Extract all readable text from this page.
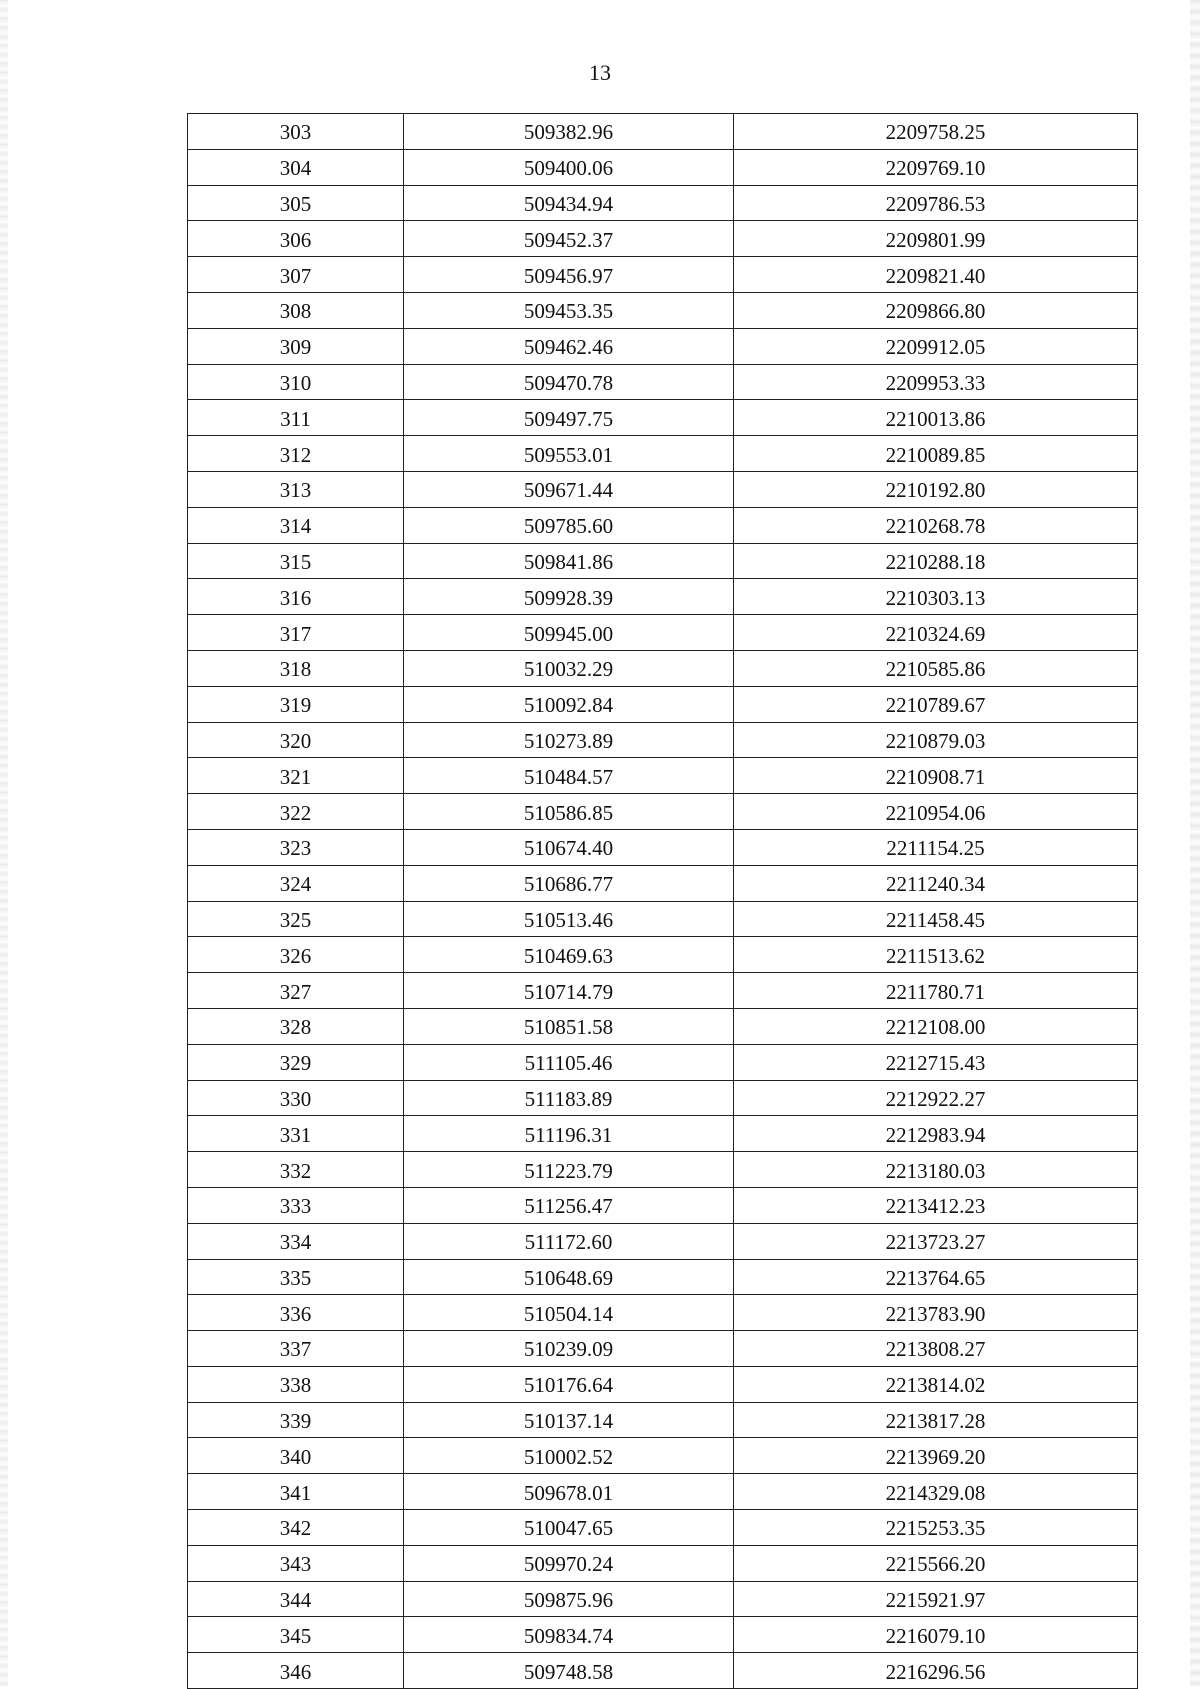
13
303	509382.96	2209758.25
304	509400.06	2209769.10
305	509434.94	2209786.53
306	509452.37	2209801.99
307	509456.97	2209821.40
308	509453.35	2209866.80
309	509462.46	2209912.05
310	509470.78	2209953.33
311	509497.75	2210013.86
312	509553.01	2210089.85
313	509671.44	2210192.80
314	509785.60	2210268.78
315	509841.86	2210288.18
316	509928.39	2210303.13
317	509945.00	2210324.69
318	510032.29	2210585.86
319	510092.84	2210789.67
320	510273.89	2210879.03
321	510484.57	2210908.71
322	510586.85	2210954.06
323	510674.40	2211154.25
324	510686.77	2211240.34
325	510513.46	2211458.45
326	510469.63	2211513.62
327	510714.79	2211780.71
328	510851.58	2212108.00
329	511105.46	2212715.43
330	511183.89	2212922.27
331	511196.31	2212983.94
332	511223.79	2213180.03
333	511256.47	2213412.23
334	511172.60	2213723.27
335	510648.69	2213764.65
336	510504.14	2213783.90
337	510239.09	2213808.27
338	510176.64	2213814.02
339	510137.14	2213817.28
340	510002.52	2213969.20
341	509678.01	2214329.08
342	510047.65	2215253.35
343	509970.24	2215566.20
344	509875.96	2215921.97
345	509834.74	2216079.10
346	509748.58	2216296.56
